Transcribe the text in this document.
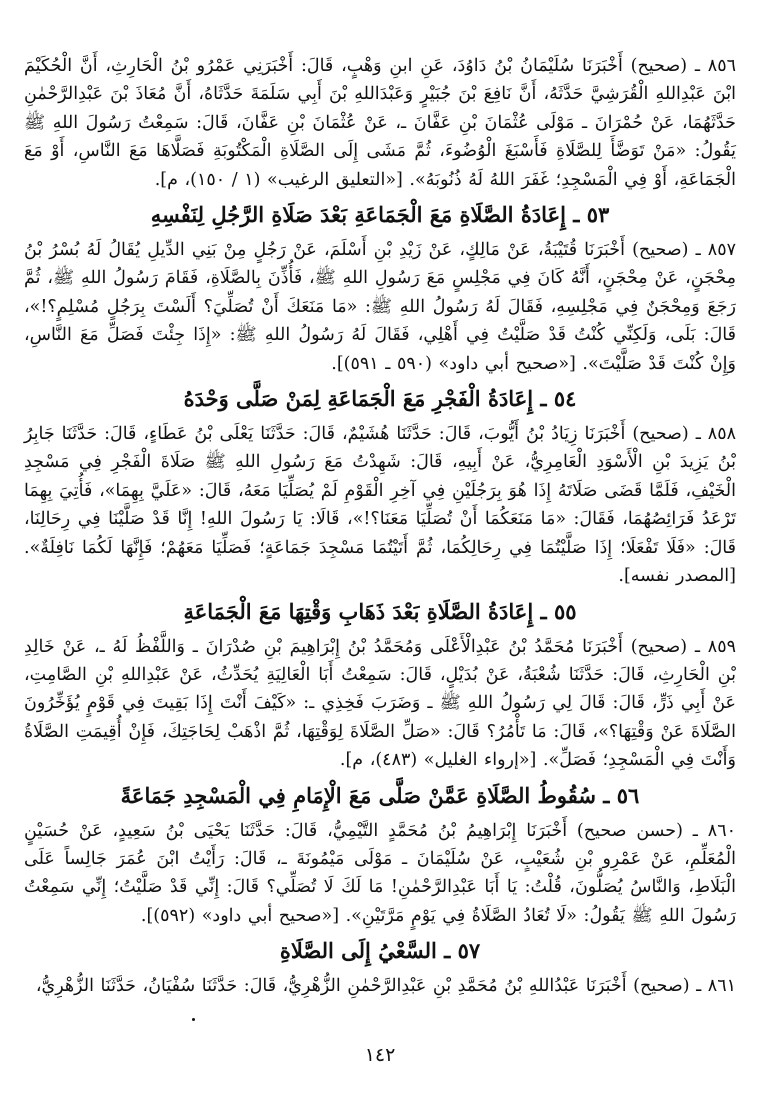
٨٥٦ ـ (صحيح) أَخْبَرَنَا سُلَيْمَانُ بْنُ دَاوُدَ، عَنِ ابنِ وَهْبٍ، قَالَ: أَخْبَرَنِي عَمْرُو بْنُ الْحَارِثِ، أَنَّ الْحُكَيْمَ ابْنَ عَبْدِاللهِ الْقُرَشِيَّ حَدَّثَهُ، أَنَّ نَافِعَ بْنَ جُبَيْرٍ وَعَبْدَاللهِ بْنَ أَبِي سَلَمَةَ حَدَّثَاهُ، أَنَّ مُعَاذَ بْنَ عَبْدِالرَّحْمٰنِ حَدَّثَهُمَا، عَنْ حُمْرَانَ ـ مَوْلَى عُثْمَانَ بْنِ عَفَّانَ ـ، عَنْ عُثْمَانَ بْنِ عَفَّانَ، قَالَ: سَمِعْتُ رَسُولَ اللهِ ﷺ يَقُولُ: «مَنْ تَوَضَّأَ لِلصَّلَاةِ فَأَسْبَغَ الْوُضُوءَ، ثُمَّ مَشَى إِلَى الصَّلَاةِ الْمَكْتُوبَةِ فَصَلَّاهَا مَعَ النَّاسِ، أَوْ مَعَ الْجَمَاعَةِ، أَوْ فِي الْمَسْجِدِ؛ غَفَرَ اللهُ لَهُ ذُنُوبَهُ». [«التعليق الرغيب» (١ / ١٥٠)، م].

٥٣ ـ إِعَادَةُ الصَّلَاةِ مَعَ الْجَمَاعَةِ بَعْدَ صَلَاةِ الرَّجُلِ لِنَفْسِهِ

٨٥٧ ـ (صحيح) أَخْبَرَنَا قُتَيْبَةُ، عَنْ مَالِكٍ، عَنْ زَيْدِ بْنِ أَسْلَمَ، عَنْ رَجُلٍ مِنْ بَنِي الدِّيلِ يُقَالُ لَهُ بُسْرُ بْنُ مِحْجَنٍ، عَنْ مِحْجَنٍ، أَنَّهُ كَانَ فِي مَجْلِسٍ مَعَ رَسُولِ اللهِ ﷺ، فَأُذِّنَ بِالصَّلَاةِ، فَقَامَ رَسُولُ اللهِ ﷺ، ثُمَّ رَجَعَ وَمِحْجَنٌ فِي مَجْلِسِهِ، فَقَالَ لَهُ رَسُولُ اللهِ ﷺ: «مَا مَنَعَكَ أَنْ تُصَلِّيَ؟ أَلَسْتَ بِرَجُلٍ مُسْلِمٍ؟!»، قَالَ: بَلَى، وَلَكِنِّي كُنْتُ قَدْ صَلَّيْتُ فِي أَهْلِي، فَقَالَ لَهُ رَسُولُ اللهِ ﷺ: «إِذَا جِئْتَ فَصَلِّ مَعَ النَّاسِ، وَإِنْ كُنْتَ قَدْ صَلَّيْتَ». [«صحيح أبي داود» (٥٩٠ ـ ٥٩١)].

٥٤ ـ إِعَادَةُ الْفَجْرِ مَعَ الْجَمَاعَةِ لِمَنْ صَلَّى وَحْدَهُ

٨٥٨ ـ (صحيح) أَخْبَرَنَا زِيَادُ بْنُ أَيُّوبَ، قَالَ: حَدَّثَنَا هُشَيْمٌ، قَالَ: حَدَّثَنَا يَعْلَى بْنُ عَطَاءٍ، قَالَ: حَدَّثَنَا جَابِرُ بْنُ يَزِيدَ بْنِ الْأَسْوَدِ الْعَامِرِيُّ، عَنْ أَبِيهِ، قَالَ: شَهِدْتُ مَعَ رَسُولِ اللهِ ﷺ صَلَاةَ الْفَجْرِ فِي مَسْجِدِ الْخَيْفِ، فَلَمَّا قَضَى صَلَاتَهُ إِذَا هُوَ بِرَجُلَيْنِ فِي آخِرِ الْقَوْمِ لَمْ يُصَلِّيَا مَعَهُ، قَالَ: «عَلَيَّ بِهِمَا»، فَأُتِيَ بِهِمَا تَرْعَدُ فَرَائِصُهُمَا، فَقَالَ: «مَا مَنَعَكُمَا أَنْ تُصَلِّيَا مَعَنَا؟!»، قَالَا: يَا رَسُولَ اللهِ! إِنَّا قَدْ صَلَّيْنَا فِي رِحَالِنَا، قَالَ: «فَلَا تَفْعَلَا؛ إِذَا صَلَّيْتُمَا فِي رِحَالِكُمَا، ثُمَّ أَتَيْتُمَا مَسْجِدَ جَمَاعَةٍ؛ فَصَلِّيَا مَعَهُمْ؛ فَإِنَّهَا لَكُمَا نَافِلَةٌ». [المصدر نفسه].

٥٥ ـ إِعَادَةُ الصَّلَاةِ بَعْدَ ذَهَابِ وَقْتِهَا مَعَ الْجَمَاعَةِ

٨٥٩ ـ (صحيح) أَخْبَرَنَا مُحَمَّدُ بْنُ عَبْدِالْأَعْلَى وَمُحَمَّدُ بْنُ إِبْرَاهِيمَ بْنِ صُدْرَانَ ـ وَاللَّفْظُ لَهُ ـ، عَنْ خَالِدِ بْنِ الْحَارِثِ، قَالَ: حَدَّثَنَا شُعْبَةُ، عَنْ بُدَيْلٍ، قَالَ: سَمِعْتُ أَبَا الْعَالِيَةِ يُحَدِّثُ، عَنْ عَبْدِاللهِ بْنِ الصَّامِتِ، عَنْ أَبِي ذَرٍّ، قَالَ: قَالَ لِي رَسُولُ اللهِ ﷺ ـ وَضَرَبَ فَخِذِي ـ: «كَيْفَ أَنْتَ إِذَا بَقِيتَ فِي قَوْمٍ يُؤَخِّرُونَ الصَّلَاةَ عَنْ وَقْتِهَا؟»، قَالَ: مَا تَأْمُرُ؟ قَالَ: «صَلِّ الصَّلَاةَ لِوَقْتِهَا، ثُمَّ اذْهَبْ لِحَاجَتِكَ، فَإِنْ أُقِيمَتِ الصَّلَاةُ وَأَنْتَ فِي الْمَسْجِدِ؛ فَصَلِّ». [«إرواء الغليل» (٤٨٣)، م].

٥٦ ـ سُقُوطُ الصَّلَاةِ عَمَّنْ صَلَّى مَعَ الْإِمَامِ فِي الْمَسْجِدِ جَمَاعَةً

٨٦٠ ـ (حسن صحيح) أَخْبَرَنَا إِبْرَاهِيمُ بْنُ مُحَمَّدٍ التَّيْمِيُّ، قَالَ: حَدَّثَنَا يَحْيَى بْنُ سَعِيدٍ، عَنْ حُسَيْنٍ الْمُعَلِّمِ، عَنْ عَمْرِو بْنِ شُعَيْبٍ، عَنْ سُلَيْمَانَ ـ مَوْلَى مَيْمُونَةَ ـ، قَالَ: رَأَيْتُ ابْنَ عُمَرَ جَالِساً عَلَى الْبَلَاطِ، وَالنَّاسُ يُصَلُّونَ، قُلْتُ: يَا أَبَا عَبْدِالرَّحْمٰنِ! مَا لَكَ لَا تُصَلِّي؟ قَالَ: إِنِّي قَدْ صَلَّيْتُ؛ إِنِّي سَمِعْتُ رَسُولَ اللهِ ﷺ يَقُولُ: «لَا تُعَادُ الصَّلَاةُ فِي يَوْمٍ مَرَّتَيْنِ». [«صحيح أبي داود» (٥٩٢)].

٥٧ ـ السَّعْيُ إِلَى الصَّلَاةِ

٨٦١ ـ (صحيح) أَخْبَرَنَا عَبْدُاللهِ بْنُ مُحَمَّدِ بْنِ عَبْدِالرَّحْمٰنِ الزُّهْرِيُّ، قَالَ: حَدَّثَنَا سُفْيَانُ، حَدَّثَنَا الزُّهْرِيُّ،

١٤٢
